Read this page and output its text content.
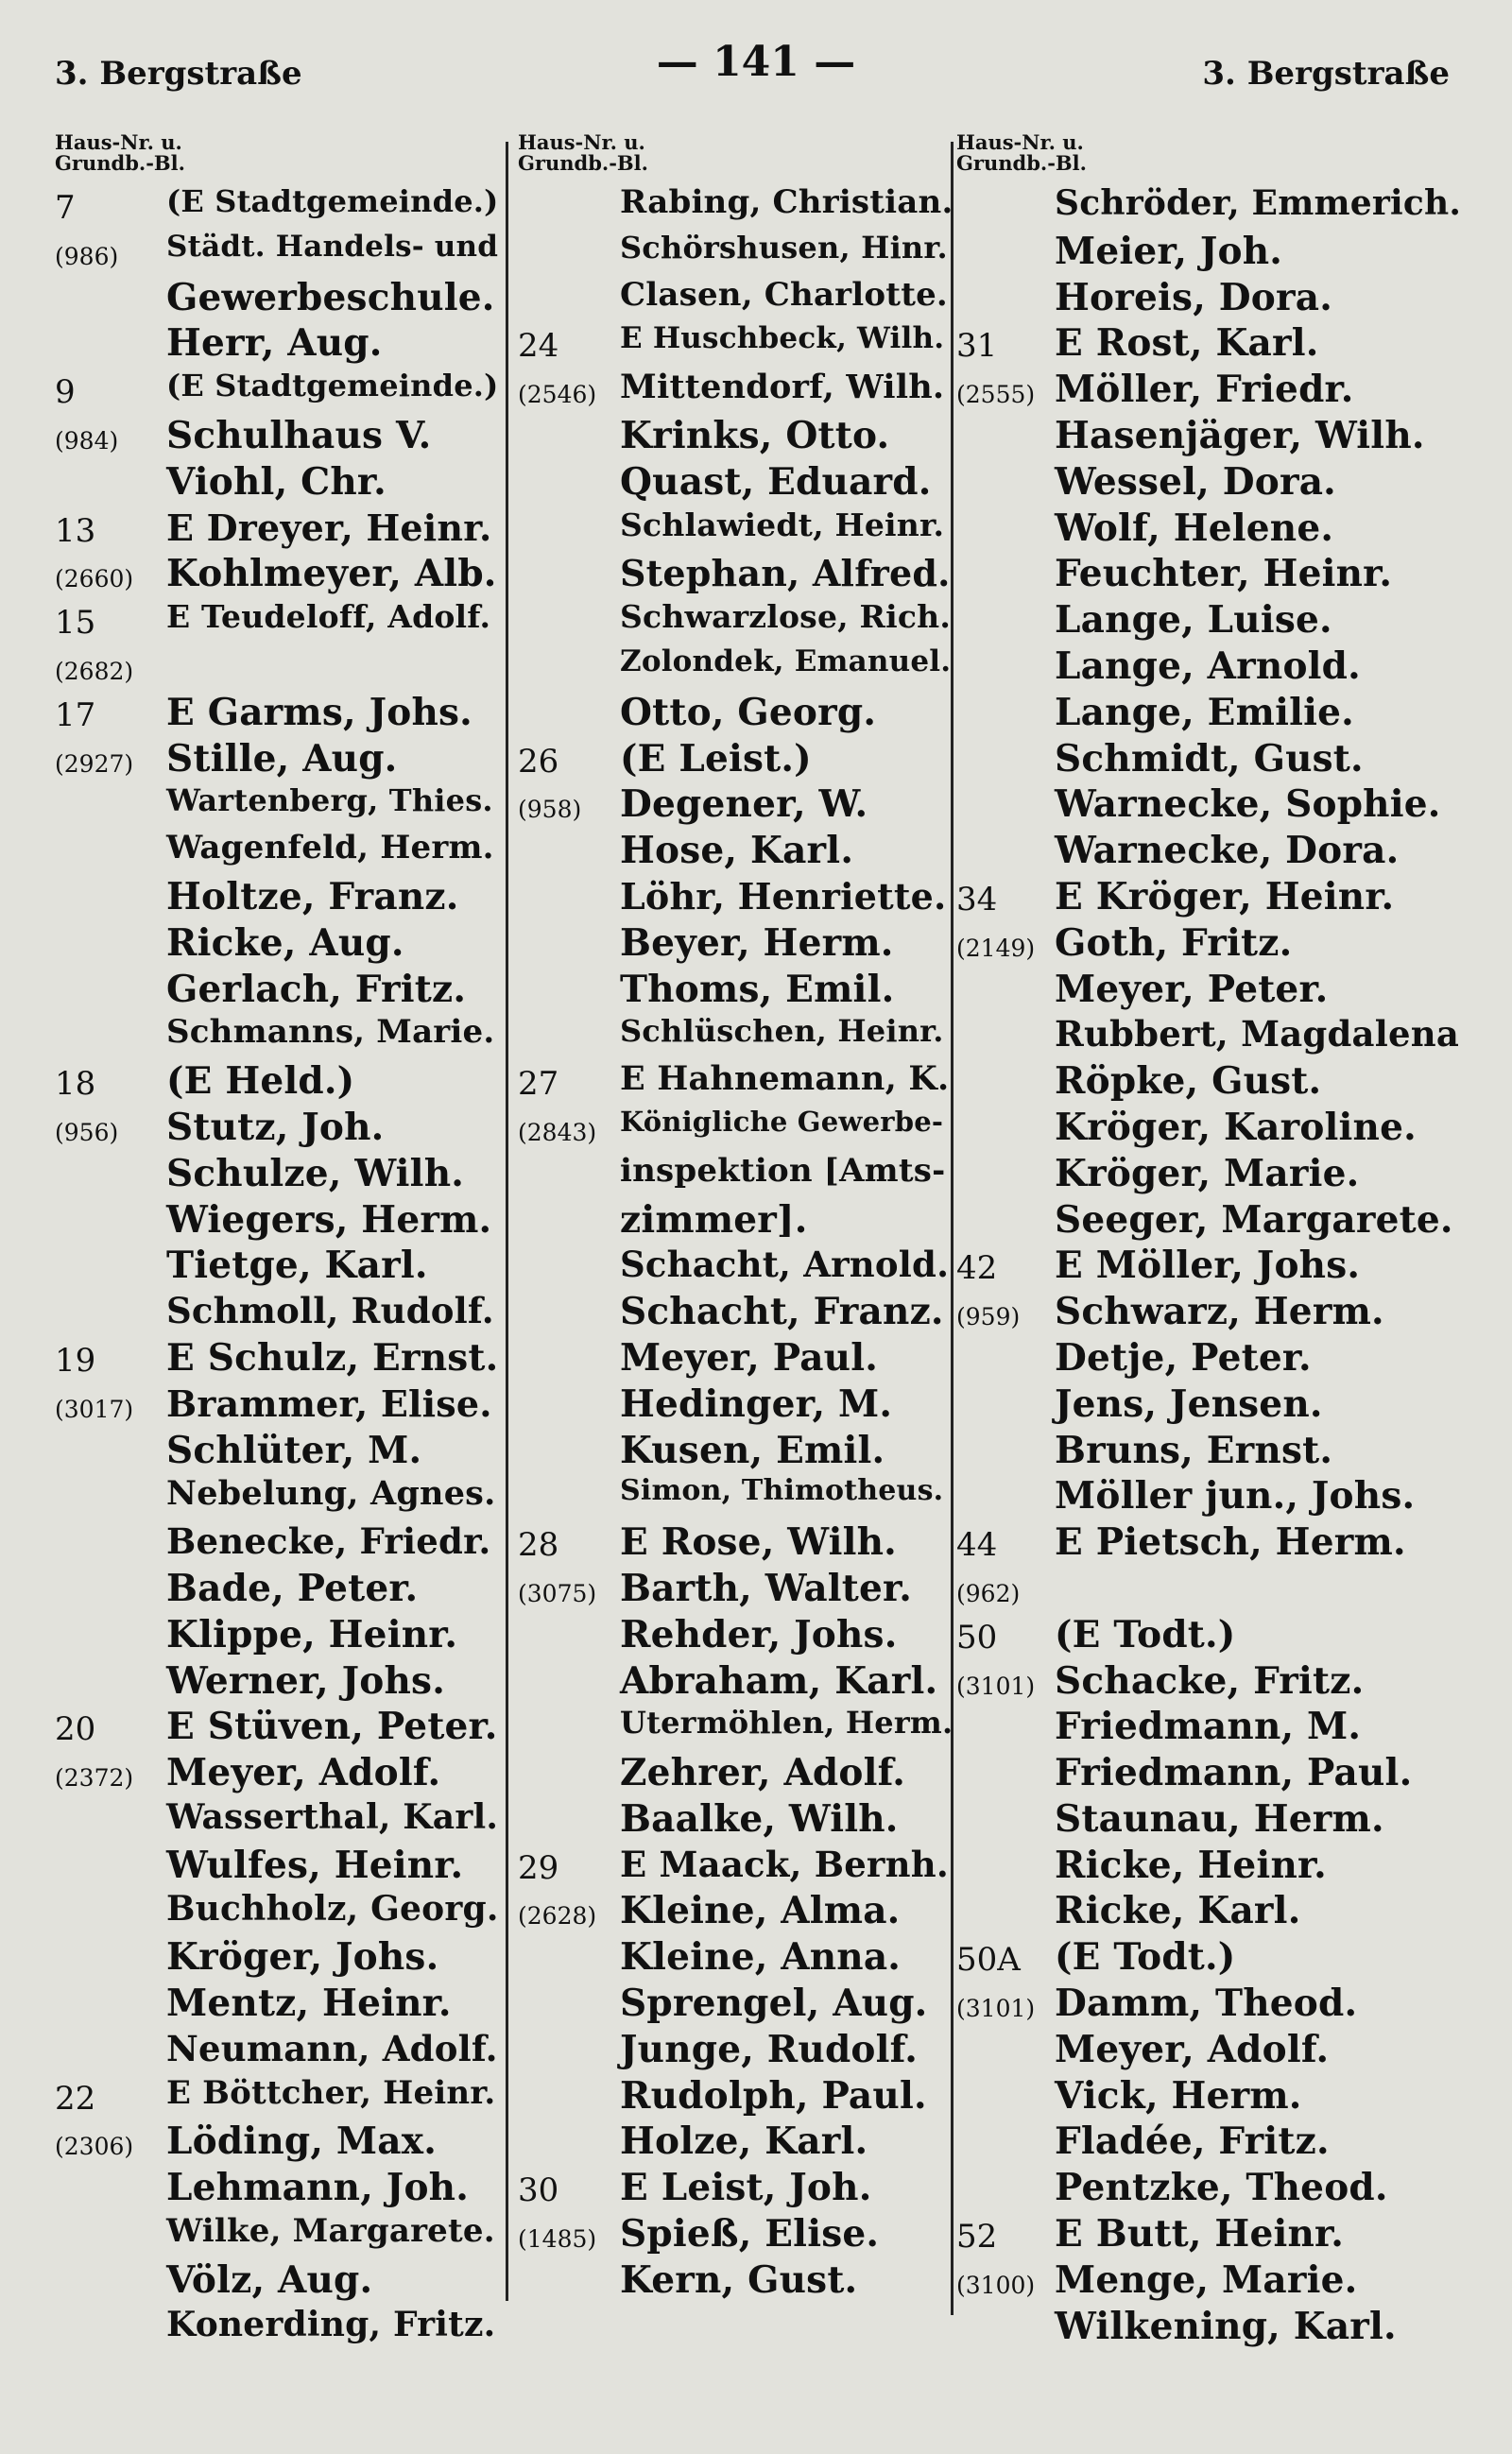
3. Bergstraße	— 141 —	3. Bergstraße
Haus-Nr. u.
Grundb.-Bl.
7	(E Stadtgemeinde.)
(986) Städt. Handels- und
Gewerbeschule.
Herr, Aug.
9	(E Stadtgemeinde.)
(984) Schulhaus V.
Viohl, Chr.
13 E Dreyer, Heinr.
(2660) Kohlmeyer, Alb.
15 E Teudeloff, Adolf.
(2682)
17 E Garms, Johs.
(2927) Stille, Aug.
Wartenberg, Thies.
Wagenfeld, Herm.
Holtze, Franz.
Ricke, Aug.
Gerlach, Fritz.
Schmanns, Marie.
18 (E Held.)
(956) Stutz, Joh.
Schulze, Wilh.
Wiegers, Herm.
Tietge, Karl.
Schmoll, Rudolf.
19 E Schulz, Ernst.
(3017) Brammer, Elise.
Schlüter, M.
Nebelung, Agnes.
Benecke, Friedr.
Bade, Peter.
Klippe, Heinr.
Werner, Johs.
20 E Stüven, Peter.
(2372) Meyer, Adolf.
Wasserthal, Karl.
Wulfes, Heinr.
Buchholz, Georg.
Kröger, Johs.
Mentz, Heinr.
Neumann, Adolf.
22 E Böttcher, Heinr.
(2306) Löding, Max.
Lehmann, Joh.
Wilke, Margarete.
Völz, Aug.
Konerding, Fritz.
Haus-Nr. u.
Grundb.-Bl.
Rabing, Christian.
Schörshusen, Hinr.
Clasen, Charlotte.
24 E Huschbeck, Wilh.
(2546) Mittendorf, Wilh.
Krinks, Otto.
Quast, Eduard.
Schlawiedt, Heinr.
Stephan, Alfred.
Schwarzlose, Rich.
Zolondek, Emanuel.
Otto, Georg.
26 (E Leist.)
(958) Degener, W.
Hose, Karl.
Löhr, Henriette.
Beyer, Herm.
Thoms, Emil.
Schlüschen, Heinr.
27 E Hahnemann, K.
(2843) Königliche Gewerbe-
inspektion [Amts-
zimmer].
Schacht, Arnold.
Schacht, Franz.
Meyer, Paul.
Hedinger, M.
Kusen, Emil.
Simon, Thimotheus.
28 E Rose, Wilh.
(3075) Barth, Walter.
Rehder, Johs.
Abraham, Karl.
Utermöhlen, Herm.
Zehrer, Adolf.
Baalke, Wilh.
29 E Maack, Bernh.
(2628) Kleine, Alma.
Kleine, Anna.
Sprengel, Aug.
Junge, Rudolf.
Rudolph, Paul.
Holze, Karl.
30 E Leist, Joh.
(1485) Spieß, Elise.
Kern, Gust.
Haus-Nr. u.
Grundb.-Bl.
Schröder, Emmerich.
Meier, Joh.
Horeis, Dora.
31 E Rost, Karl.
(2555) Möller, Friedr.
Hasenjäger, Wilh.
Wessel, Dora.
Wolf, Helene.
Feuchter, Heinr.
Lange, Luise.
Lange, Arnold.
Lange, Emilie.
Schmidt, Gust.
Warnecke, Sophie.
Warnecke, Dora.
34 E Kröger, Heinr.
(2149) Goth, Fritz.
Meyer, Peter.
Rubbert, Magdalena
Röpke, Gust.
Kröger, Karoline.
Kröger, Marie.
Seeger, Margarete.
42 E Möller, Johs.
(959) Schwarz, Herm.
Detje, Peter.
Jens, Jensen.
Bruns, Ernst.
Möller jun., Johs.
44 E Pietsch, Herm.
(962)
50 (E Todt.)
(3101) Schacke, Fritz.
Friedmann, M.
Friedmann, Paul.
Staunau, Herm.
Ricke, Heinr.
Ricke, Karl.
50A (E Todt.)
(3101) Damm, Theod.
Meyer, Adolf.
Vick, Herm.
Fladée, Fritz.
Pentzke, Theod.
52 E Butt, Heinr.
(3100) Menge, Marie.
Wilkening, Karl.
